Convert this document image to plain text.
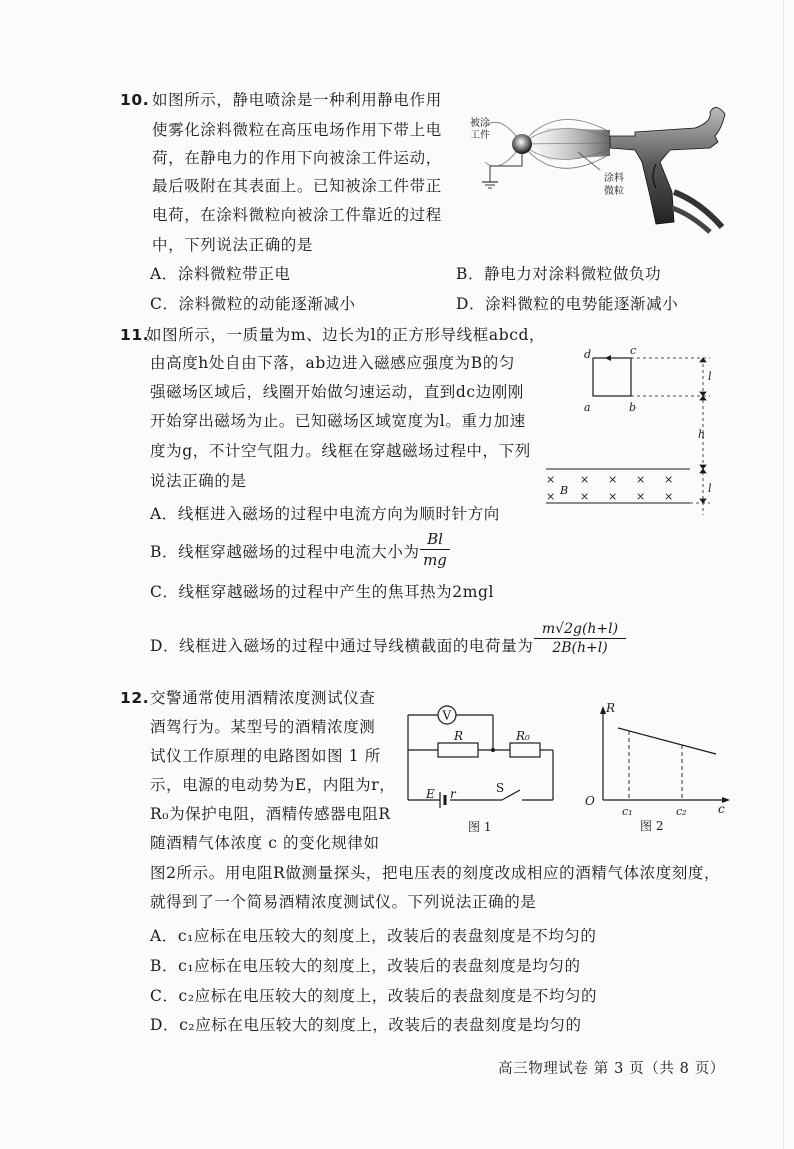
10. 如图所示，静电喷涂是一种利用静电作用
使雾化涂料微粒在高压电场作用下带上电
荷，在静电力的作用下向被涂工件运动，
最后吸附在其表面上。已知被涂工件带正
电荷，在涂料微粒向被涂工件靠近的过程
中，下列说法正确的是
被涂
工件
涂料
微粒
A．涂料微粒带正电	B．静电力对涂料微粒做负功
C．涂料微粒的动能逐渐减小	D．涂料微粒的电势能逐渐减小
11.
如图所示，一质量为m、边长为l的正方形导线框abcd，
由高度h处自由下落，ab边进入磁感应强度为B的匀
强磁场区域后，线圈开始做匀速运动，直到dc边刚刚
开始穿出磁场为止。已知磁场区域宽度为l。重力加速
度为g，不计空气阻力。线框在穿越磁场过程中，下列
说法正确的是
d	c
a	b
l
h
l
× × × × ×
× × × × ×
B
A．线框进入磁场的过程中电流方向为顺时针方向
B．线框穿越磁场的过程中电流大小为
Bl
mg
C．线框穿越磁场的过程中产生的焦耳热为2mgl
D．线框进入磁场的过程中通过导线横截面的电荷量为
m√2g(h+l)
2B(h+l)
12. 交警通常使用酒精浓度测试仪查
酒驾行为。某型号的酒精浓度测
试仪工作原理的电路图如图 1 所
示，电源的电动势为E，内阻为r，
R₀为保护电阻，酒精传感器电阻R
随酒精气体浓度 c 的变化规律如
图2所示。用电阻R做测量探头，把电压表的刻度改成相应的酒精气体浓度刻度，
就得到了一个简易酒精浓度测试仪。下列说法正确的是
V
R	R₀
E r	S
图 1
R
O
c₁	c₂	c
图 2
A．c₁应标在电压较大的刻度上，改装后的表盘刻度是不均匀的
B．c₁应标在电压较大的刻度上，改装后的表盘刻度是均匀的
C．c₂应标在电压较大的刻度上，改装后的表盘刻度是不均匀的
D．c₂应标在电压较大的刻度上，改装后的表盘刻度是均匀的
高三物理试卷 第 3 页（共 8 页）
